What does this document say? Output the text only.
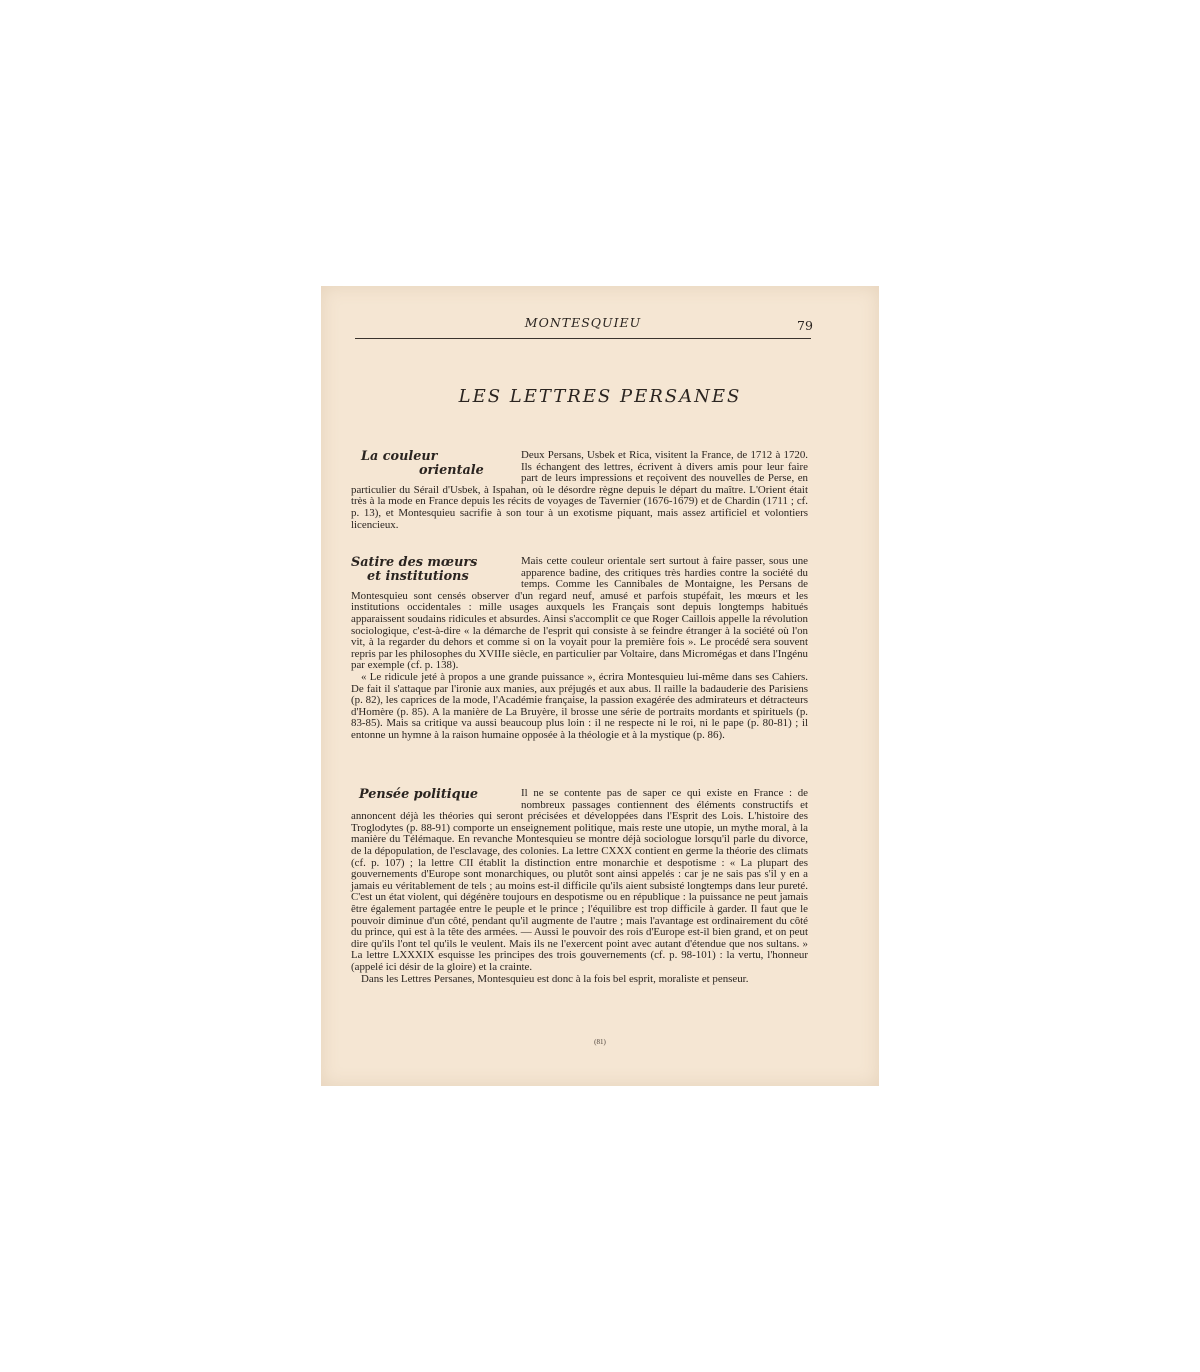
MONTESQUIEU	79
LES LETTRES PERSANES
La couleur
orientale

Deux Persans, Usbek et Rica, visitent la France, de 1712 à 1720. Ils échangent des lettres, écrivent à divers amis pour leur faire part de leurs impressions et reçoivent des nouvelles de Perse, en particulier du Sérail d'Usbek, à Ispahan, où le désordre règne depuis le départ du maître. L'Orient était très à la mode en France depuis les récits de voyages de Tavernier (1676-1679) et de Chardin (1711 ; cf. p. 13), et Montesquieu sacrifie à son tour à un exotisme piquant, mais assez artificiel et volontiers licencieux.

Satire des mœurs
et institutions

Mais cette couleur orientale sert surtout à faire passer, sous une apparence badine, des critiques très hardies contre la société du temps. Comme les Cannibales de Montaigne, les Persans de Montesquieu sont censés observer d'un regard neuf, amusé et parfois stupéfait, les mœurs et les institutions occidentales : mille usages auxquels les Français sont depuis longtemps habitués apparaissent soudains ridicules et absurdes. Ainsi s'accomplit ce que Roger Caillois appelle la révolution sociologique, c'est-à-dire « la démarche de l'esprit qui consiste à se feindre étranger à la société où l'on vit, à la regarder du dehors et comme si on la voyait pour la première fois ». Le procédé sera souvent repris par les philosophes du XVIIIe siècle, en particulier par Voltaire, dans Micromégas et dans l'Ingénu par exemple (cf. p. 138).

« Le ridicule jeté à propos a une grande puissance », écrira Montesquieu lui-même dans ses Cahiers. De fait il s'attaque par l'ironie aux manies, aux préjugés et aux abus. Il raille la badauderie des Parisiens (p. 82), les caprices de la mode, l'Académie française, la passion exagérée des admirateurs et détracteurs d'Homère (p. 85). A la manière de La Bruyère, il brosse une série de portraits mordants et spirituels (p. 83-85). Mais sa critique va aussi beaucoup plus loin : il ne respecte ni le roi, ni le pape (p. 80-81) ; il entonne un hymne à la raison humaine opposée à la théologie et à la mystique (p. 86).

Pensée politique	Il ne se contente pas de saper ce qui existe en France : de nombreux passages contiennent des éléments constructifs et annoncent déjà les théories qui seront précisées et développées dans l'Esprit des Lois. L'histoire des Troglodytes (p. 88-91) comporte un enseignement politique, mais reste une utopie, un mythe moral, à la manière du Télémaque. En revanche Montesquieu se montre déjà sociologue lorsqu'il parle du divorce, de la dépopulation, de l'esclavage, des colonies. La lettre CXXX contient en germe la théorie des climats (cf. p. 107) ; la lettre CII établit la distinction entre monarchie et despotisme : « La plupart des gouvernements d'Europe sont monarchiques, ou plutôt sont ainsi appelés : car je ne sais pas s'il y en a jamais eu véritablement de tels ; au moins est-il difficile qu'ils aient subsisté longtemps dans leur pureté. C'est un état violent, qui dégénère toujours en despotisme ou en république : la puissance ne peut jamais être également partagée entre le peuple et le prince ; l'équilibre est trop difficile à garder. Il faut que le pouvoir diminue d'un côté, pendant qu'il augmente de l'autre ; mais l'avantage est ordinairement du côté du prince, qui est à la tête des armées. — Aussi le pouvoir des rois d'Europe est-il bien grand, et on peut dire qu'ils l'ont tel qu'ils le veulent. Mais ils ne l'exercent point avec autant d'étendue que nos sultans. » La lettre LXXXIX esquisse les principes des trois gouvernements (cf. p. 98-101) : la vertu, l'honneur (appelé ici désir de la gloire) et la crainte.

Dans les Lettres Persanes, Montesquieu est donc à la fois bel esprit, moraliste et penseur.

(81)
